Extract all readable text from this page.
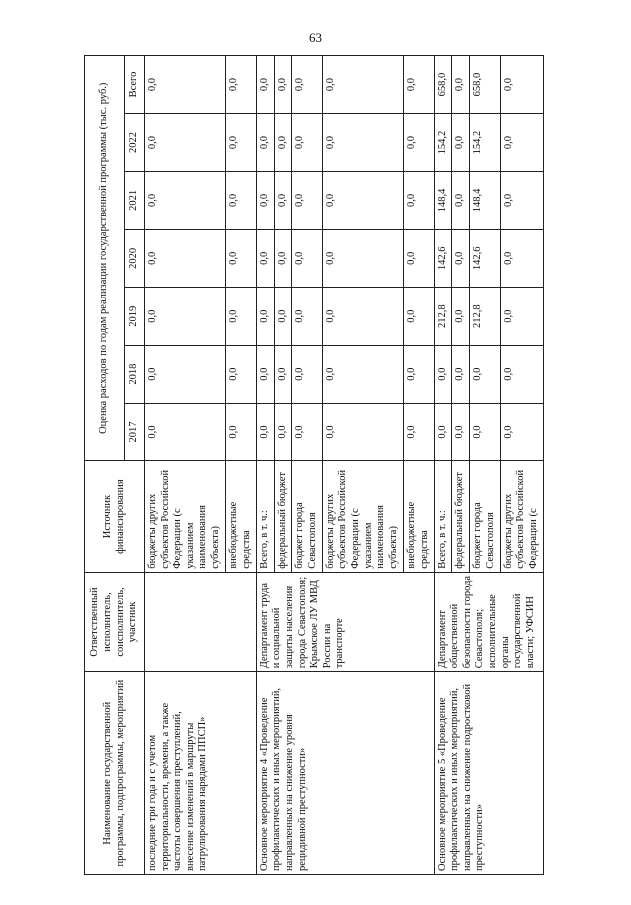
63
Наименование государственной программы, подпрограммы, мероприятий	Ответственный исполнитель, соисполнитель, участник	Источник финансирования	Оценка расходов по годам реализации государственной программы (тыс. руб.)						
			2017	2018	2019	2020	2021	2022	Всего
последние три года и с учетом территориальности, времени, а также частоты совершения преступлений, внесение изменений в маршруты патрулирования нарядами ППСП»		бюджеты других субъектов Российской Федерации (с указанием наименования субъекта)	0,0	0,0	0,0	0,0	0,0	0,0	0,0
		внебюджетные средства	0,0	0,0	0,0	0,0	0,0	0,0	0,0
Основное мероприятие 4 «Проведение профилактических и иных мероприятий, направленных на снижение уровня рецидивной преступности»	Департамент труда и социальной защиты населения города Севастополя; Крымское ЛУ МВД России на транспорте	Всего, в т. ч.:	0,0	0,0	0,0	0,0	0,0	0,0	0,0
		федеральный бюджет	0,0	0,0	0,0	0,0	0,0	0,0	0,0
		бюджет города Севастополя	0,0	0,0	0,0	0,0	0,0	0,0	0,0
		бюджеты других субъектов Российской Федерации (с указанием наименования субъекта)	0,0	0,0	0,0	0,0	0,0	0,0	0,0
		внебюджетные средства	0,0	0,0	0,0	0,0	0,0	0,0	0,0
Основное мероприятие 5 «Проведение профилактических и иных мероприятий, направленных на снижение подростковой преступности»	Департамент общественной безопасности города Севастополя; исполнительные органы государственной власти; УФСИН	Всего, в т. ч.:	0,0	0,0	212,8	142,6	148,4	154,2	658,0
		федеральный бюджет	0,0	0,0	0,0	0,0	0,0	0,0	0,0
		бюджет города Севастополя	0,0	0,0	212,8	142,6	148,4	154,2	658,0
		бюджеты других субъектов Российской Федерации (с	0,0	0,0	0,0	0,0	0,0	0,0	0,0
